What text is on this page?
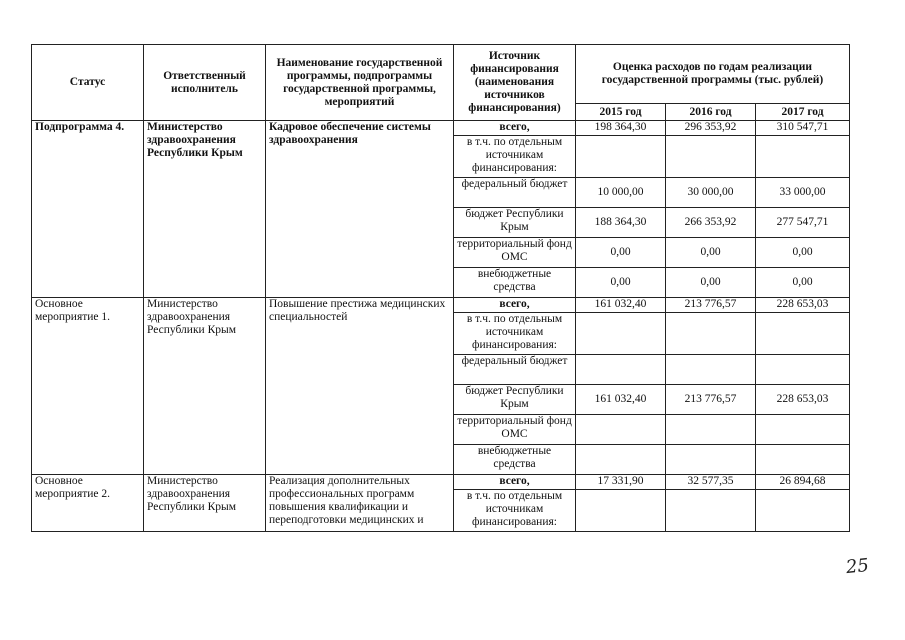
Статус	Ответственный исполнитель	Наименование государственной программы, подпрограммы государственной программы, мероприятий	Источник финансирования (наименования источников финансирования)	Оценка расходов по годам реализации государственной программы (тыс. рублей)		
				2015 год	2016 год	2017 год
Подпрограмма 4.	Министерство здравоохранения Республики Крым	Кадровое обеспечение системы здравоохранения	всего,	198 364,30	296 353,92	310 547,71
			в т.ч. по отдельным источникам финансирования:			
			федеральный бюджет	10 000,00	30 000,00	33 000,00
			бюджет Республики Крым	188 364,30	266 353,92	277 547,71
			территориальный фонд ОМС	0,00	0,00	0,00
			внебюджетные средства	0,00	0,00	0,00
Основное мероприятие 1.	Министерство здравоохранения Республики Крым	Повышение престижа медицинских специальностей	всего,	161 032,40	213 776,57	228 653,03
			в т.ч. по отдельным источникам финансирования:			
			федеральный бюджет			
			бюджет Республики Крым	161 032,40	213 776,57	228 653,03
			территориальный фонд ОМС			
			внебюджетные средства			
Основное мероприятие 2.	Министерство здравоохранения Республики Крым	Реализация дополнительных профессиональных программ повышения квалификации и переподготовки медицинских и	всего,	17 331,90	32 577,35	26 894,68
			в т.ч. по отдельным источникам финансирования:			
25
